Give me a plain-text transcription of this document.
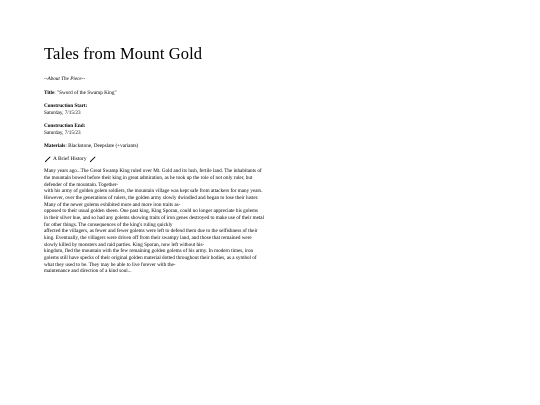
Tales from Mount Gold
--About The Piece--
Title: "Sword of the Swamp King"
Construction Start:
Saturday, 7/15/23
Construction End:
Saturday, 7/15/23
Materials: Blackstone, Deepslate (+variants)
A Brief History

Many years ago...The Great Swamp King ruled over Mt. Gold and its lush, fertile land. The inhabitants of
the mountain bowed before their king in great admiration, as he took up the role of not only ruler, but
defender of the mountain. Together-
with his army of golden golem soldiers, the mountain village was kept safe from attackers for many years.
However, over the generations of rulers, the golden army slowly dwindled and began to lose their luster.
Many of the newer golems exhibited more and more iron traits as-
opposed to their usual golden sheen. One past king, King Sporan, could no longer appreciate his golems
in their silver hue, and so had any golems showing traits of iron genes destroyed to make use of their metal
for other things. The consequences of the king's ruling quickly
affected the villagers, as fewer and fewer golems were left to defend them due to the selfishness of their
king. Eventually, the villagers were driven off from their swampy land, and those that remained were
slowly killed by monsters and raid parties. King Sporan, now left without his-
kingdom, fled the mountain with the few remaining golden golems of his army. In modern times, iron
golems still have specks of their original golden material dotted throughout their bodies, as a symbol of
what they used to be. They may be able to live forever with the-
maintenance and direction of a kind soul...
